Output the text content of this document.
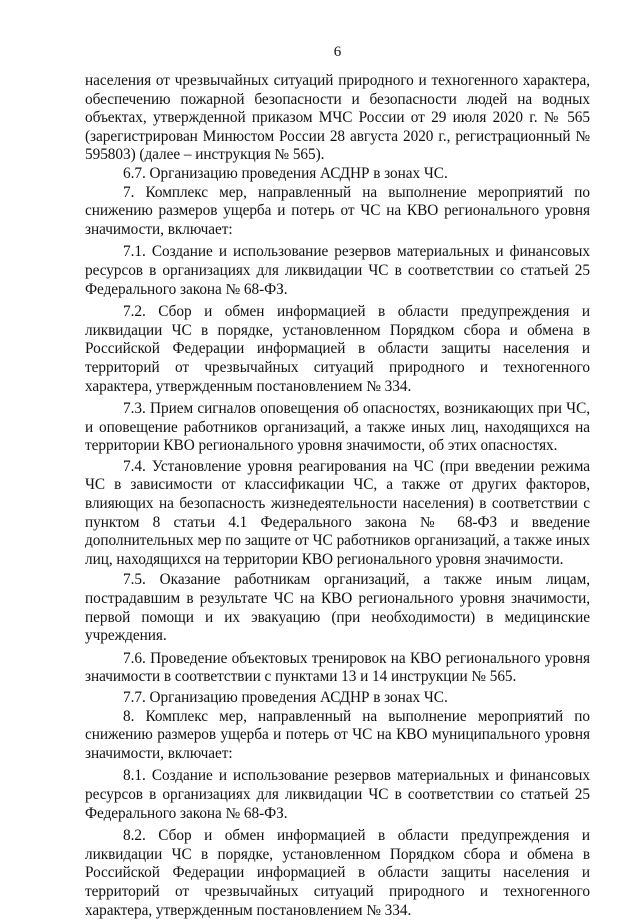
6

населения от чрезвычайных ситуаций природного и техногенного характера, обеспечению пожарной безопасности и безопасности людей на водных объектах, утвержденной приказом МЧС России от 29 июля 2020 г. № 565 (зарегистрирован Минюстом России 28 августа 2020 г., регистрационный № 595803) (далее – инструкция № 565).

6.7. Организацию проведения АСДНР в зонах ЧС.

7. Комплекс мер, направленный на выполнение мероприятий по снижению размеров ущерба и потерь от ЧС на КВО регионального уровня значимости, включает:

7.1. Создание и использование резервов материальных и финансовых ресурсов в организациях для ликвидации ЧС в соответствии со статьей 25 Федерального закона № 68-ФЗ.

7.2. Сбор и обмен информацией в области предупреждения и ликвидации ЧС в порядке, установленном Порядком сбора и обмена в Российской Федерации информацией в области защиты населения и территорий от чрезвычайных ситуаций природного и техногенного характера, утвержденным постановлением № 334.

7.3. Прием сигналов оповещения об опасностях, возникающих при ЧС, и оповещение работников организаций, а также иных лиц, находящихся на территории КВО регионального уровня значимости, об этих опасностях.

7.4. Установление уровня реагирования на ЧС (при введении режима ЧС в зависимости от классификации ЧС, а также от других факторов, влияющих на безопасность жизнедеятельности населения) в соответствии с пунктом 8 статьи 4.1 Федерального закона № 68-ФЗ и введение дополнительных мер по защите от ЧС работников организаций, а также иных лиц, находящихся на территории КВО регионального уровня значимости.

7.5. Оказание работникам организаций, а также иным лицам, пострадавшим в результате ЧС на КВО регионального уровня значимости, первой помощи и их эвакуацию (при необходимости) в медицинские учреждения.

7.6. Проведение объектовых тренировок на КВО регионального уровня значимости в соответствии с пунктами 13 и 14 инструкции № 565.

7.7. Организацию проведения АСДНР в зонах ЧС.

8. Комплекс мер, направленный на выполнение мероприятий по снижению размеров ущерба и потерь от ЧС на КВО муниципального уровня значимости, включает:

8.1. Создание и использование резервов материальных и финансовых ресурсов в организациях для ликвидации ЧС в соответствии со статьей 25 Федерального закона № 68-ФЗ.

8.2. Сбор и обмен информацией в области предупреждения и ликвидации ЧС в порядке, установленном Порядком сбора и обмена в Российской Федерации информацией в области защиты населения и территорий от чрезвычайных ситуаций природного и техногенного характера, утвержденным постановлением № 334.
